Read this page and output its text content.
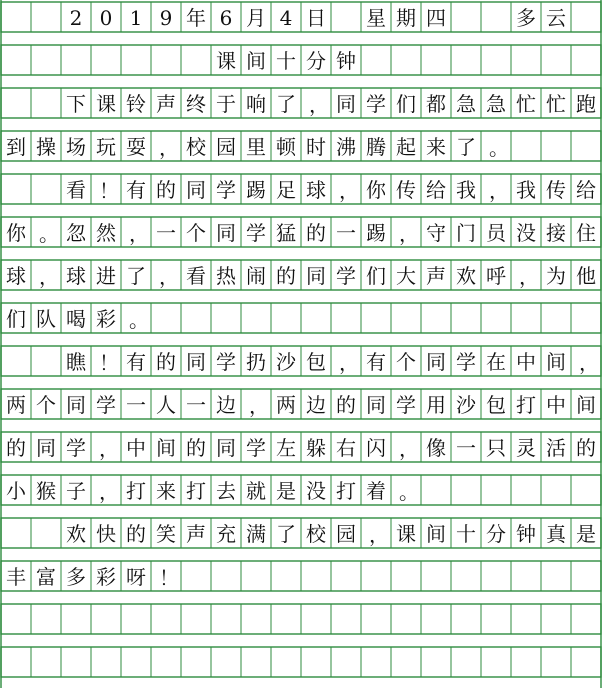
2 0 1 9 年 6 月 4 日 星 期 四	多 云
课 间 十 分 钟
下 课 铃 声 终 于 响 了 ， 同 学 们 都 急 急 忙 忙 跑
到 操 场 玩 耍 ， 校 园 里 顿 时 沸 腾 起 来 了 。
看 ！ 有 的 同 学 踢 足 球 ， 你 传 给 我 ， 我 传 给
你 。 忽 然 ， 一 个 同 学 猛 的 一 踢 ， 守 门 员 没 接 住
球 ， 球 进 了 ， 看 热 闹 的 同 学 们 大 声 欢 呼 ， 为 他
们 队 喝 彩 。
瞧 ！ 有 的 同 学 扔 沙 包 ， 有 个 同 学 在 中 间 ，
两 个 同 学 一 人 一 边 ， 两 边 的 同 学 用 沙 包 打 中 间
的 同 学 ， 中 间 的 同 学 左 躲 右 闪 ， 像 一 只 灵 活 的
小 猴 子 ， 打 来 打 去 就 是 没 打 着 。
欢 快 的 笑 声 充 满 了 校 园 ， 课 间 十 分 钟 真 是
丰 富 多 彩 呀 ！
